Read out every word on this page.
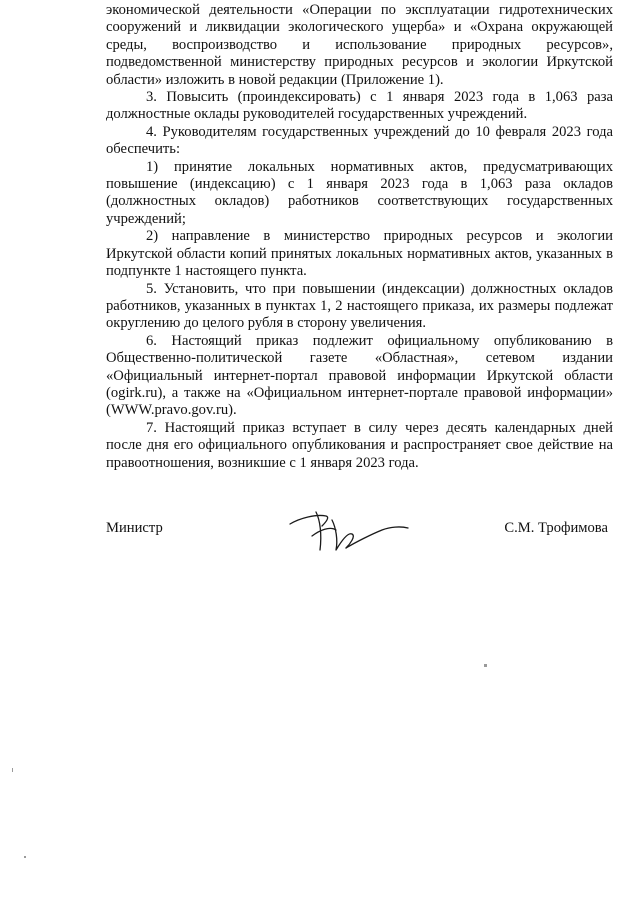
экономической деятельности «Операции по эксплуатации гидротехнических сооружений и ликвидации экологического ущерба» и «Охрана окружающей среды, воспроизводство и использование природных ресурсов», подведомственной министерству природных ресурсов и экологии Иркутской области» изложить в новой редакции (Приложение 1).

3. Повысить (проиндексировать) с 1 января 2023 года в 1,063 раза должностные оклады руководителей государственных учреждений.

4. Руководителям государственных учреждений до 10 февраля 2023 года обеспечить:

1) принятие локальных нормативных актов, предусматривающих повышение (индексацию) с 1 января 2023 года в 1,063 раза окладов (должностных окладов) работников соответствующих государственных учреждений;

2) направление в министерство природных ресурсов и экологии Иркутской области копий принятых локальных нормативных актов, указанных в подпункте 1 настоящего пункта.

5. Установить, что при повышении (индексации) должностных окладов работников, указанных в пунктах 1, 2 настоящего приказа, их размеры подлежат округлению до целого рубля в сторону увеличения.

6. Настоящий приказ подлежит официальному опубликованию в Общественно-политической газете «Областная», сетевом издании «Официальный интернет-портал правовой информации Иркутской области (ogirk.ru), а также на «Официальном интернет-портале правовой информации» (WWW.pravo.gov.ru).

7. Настоящий приказ вступает в силу через десять календарных дней после дня его официального опубликования и распространяет свое действие на правоотношения, возникшие с 1 января 2023 года.

Министр	С.М. Трофимова
